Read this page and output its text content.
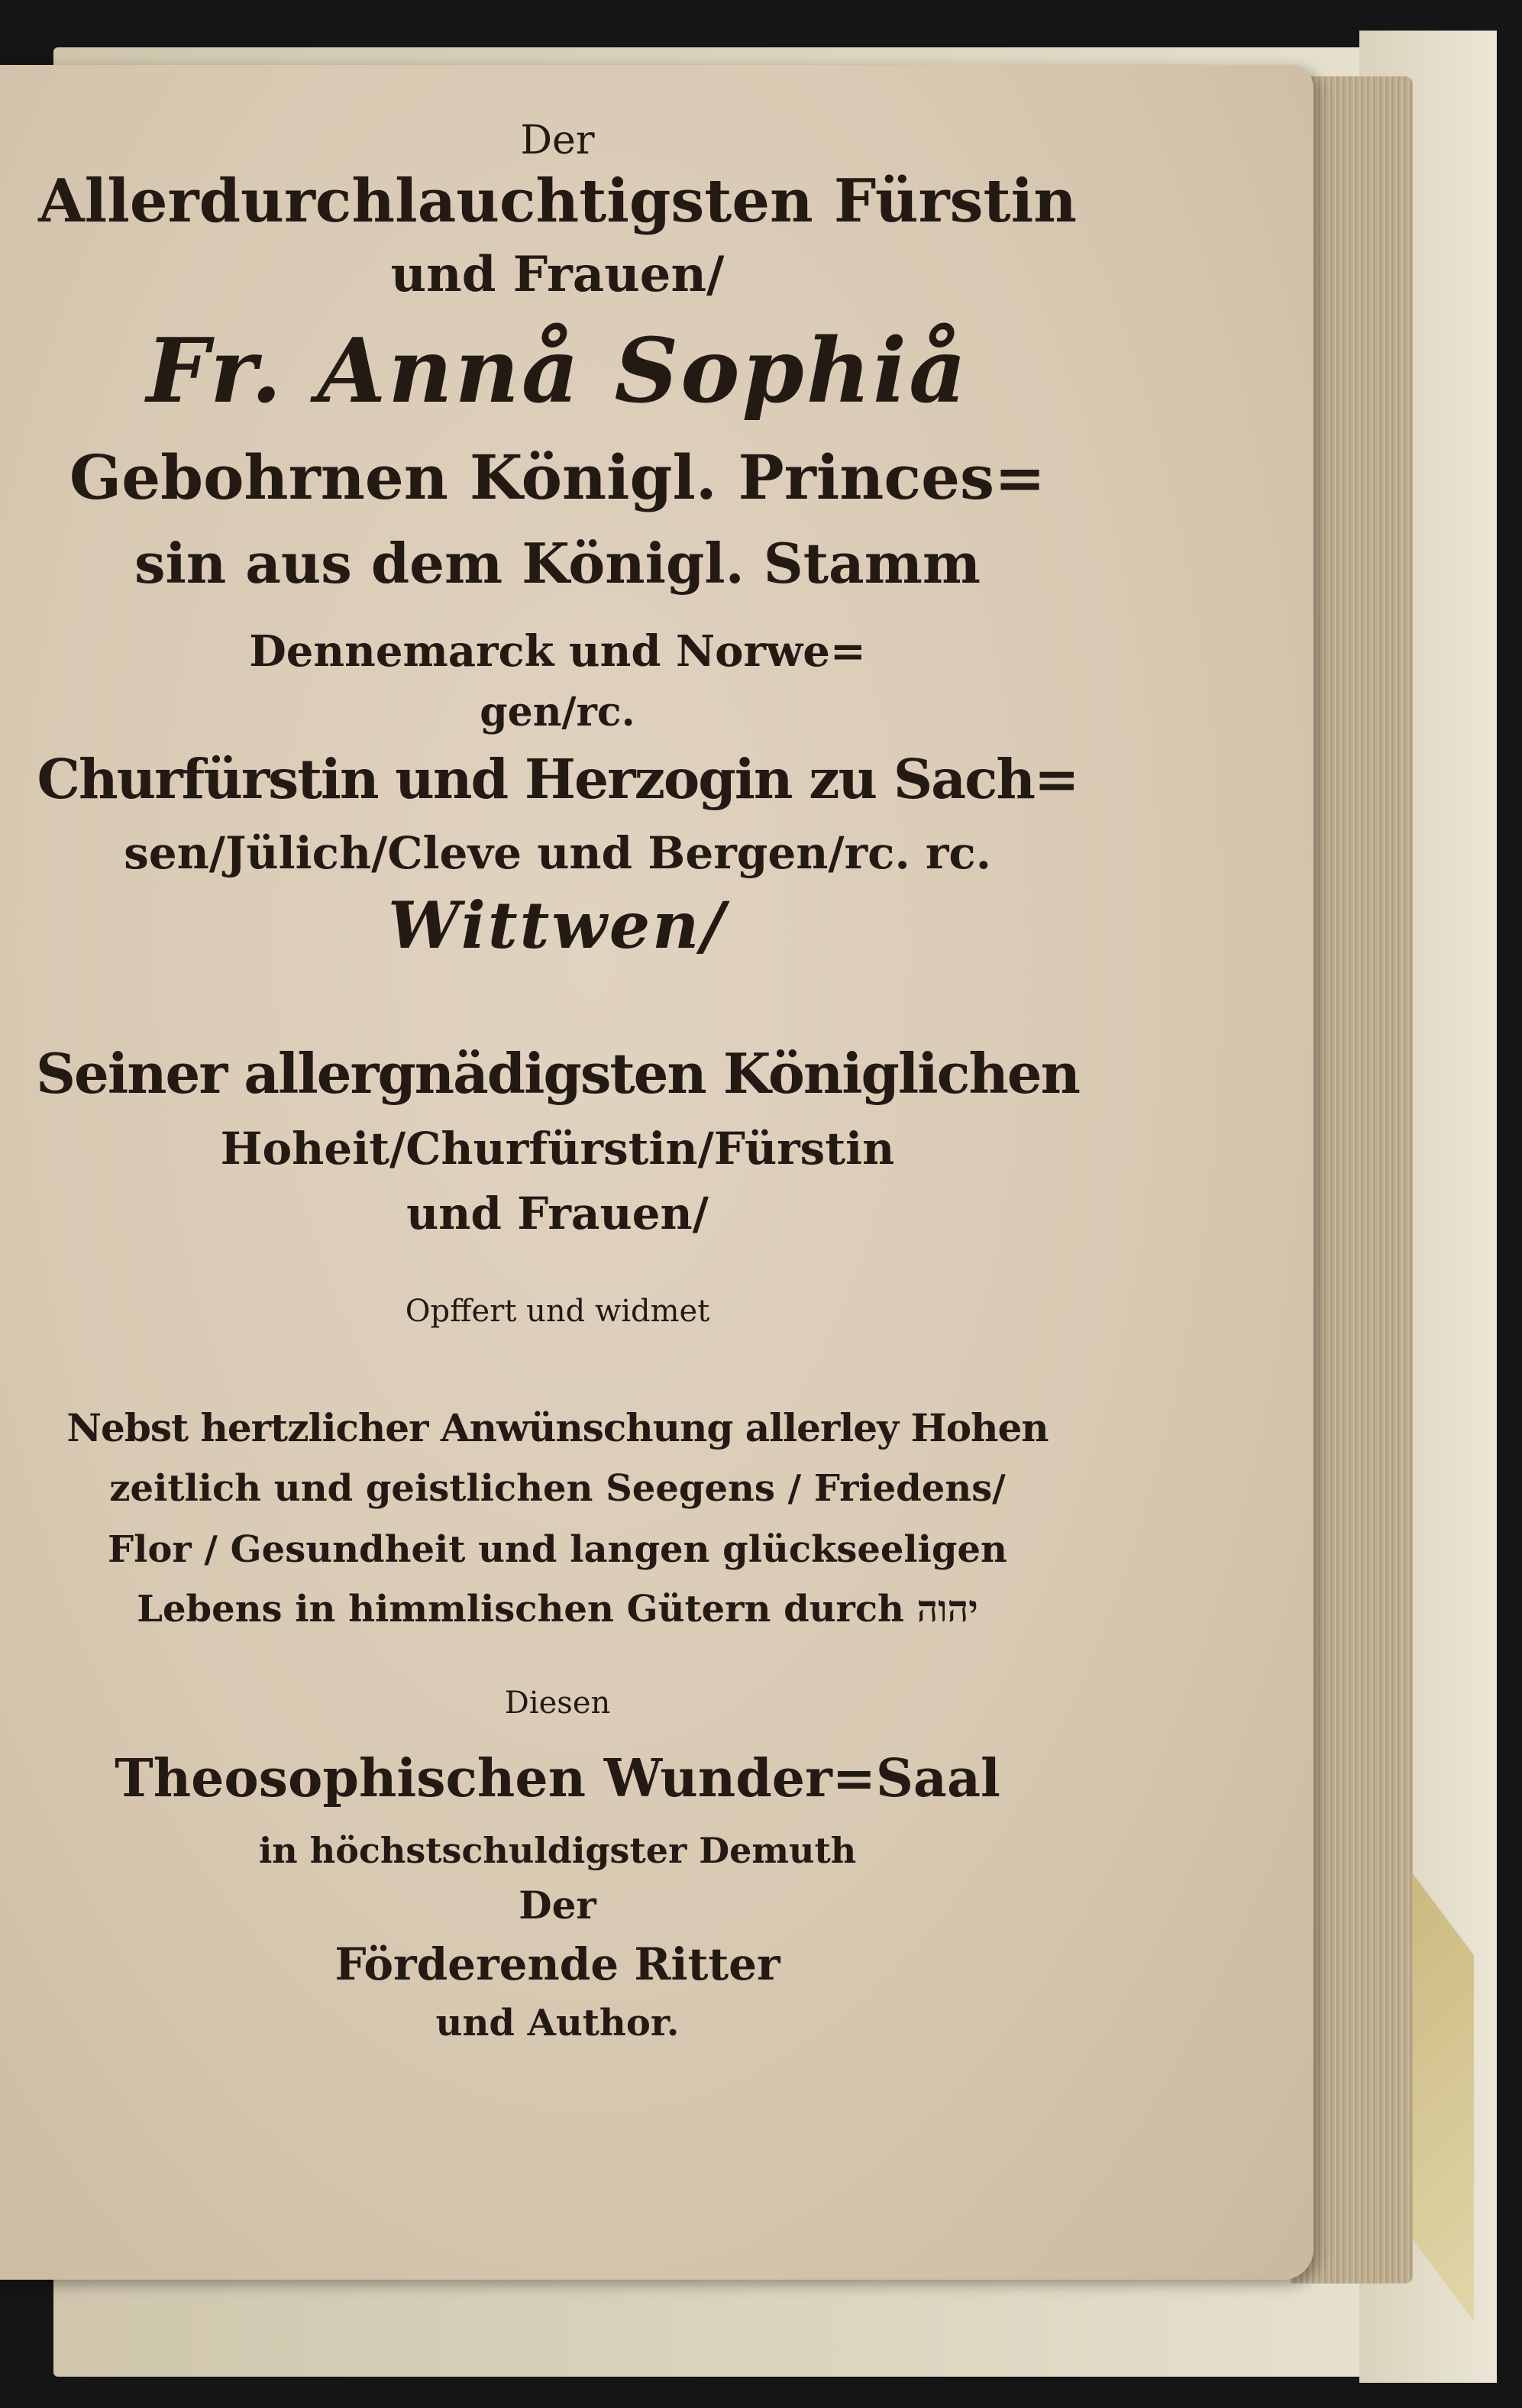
Der
Allerdurchlauchtigsten Fürstin
und Frauen/
Fr. Annå Sophiå
Gebohrnen Königl. Princes=
sin aus dem Königl. Stamm
Dennemarck und Norwe=
gen/rc.
Churfürstin und Herzogin zu Sach=
sen/Jülich/Cleve und Bergen/rc. rc.
Wittwen/
Seiner allergnädigsten Königlichen
Hoheit/Churfürstin/Fürstin
und Frauen/
Opffert und widmet
Nebst hertzlicher Anwünschung allerley Hohen
zeitlich und geistlichen Seegens / Friedens/
Flor / Gesundheit und langen glückseeligen
Lebens in himmlischen Gütern durch יהוה
Diesen
Theosophischen Wunder=Saal
in höchstschuldigster Demuth
Der
Förderende Ritter
und Author.
